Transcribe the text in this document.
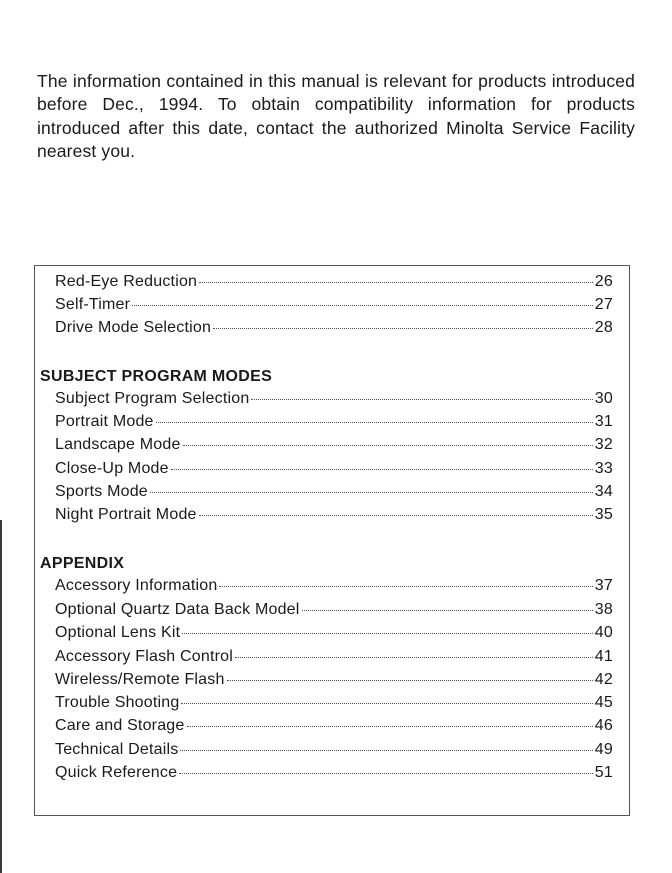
The information contained in this manual is relevant for products introduced before Dec., 1994. To obtain compatibility information for products introduced after this date, contact the authorized Minolta Service Facility nearest you.

Red-Eye Reduction	26
Self-Timer	27
Drive Mode Selection	28
SUBJECT PROGRAM MODES
Subject Program Selection	30
Portrait Mode	31
Landscape Mode	32
Close-Up Mode	33
Sports Mode	34
Night Portrait Mode	35
APPENDIX
Accessory Information	37
Optional Quartz Data Back Model	38
Optional Lens Kit	40
Accessory Flash Control	41
Wireless/Remote Flash	42
Trouble Shooting	45
Care and Storage	46
Technical Details	49
Quick Reference	51
